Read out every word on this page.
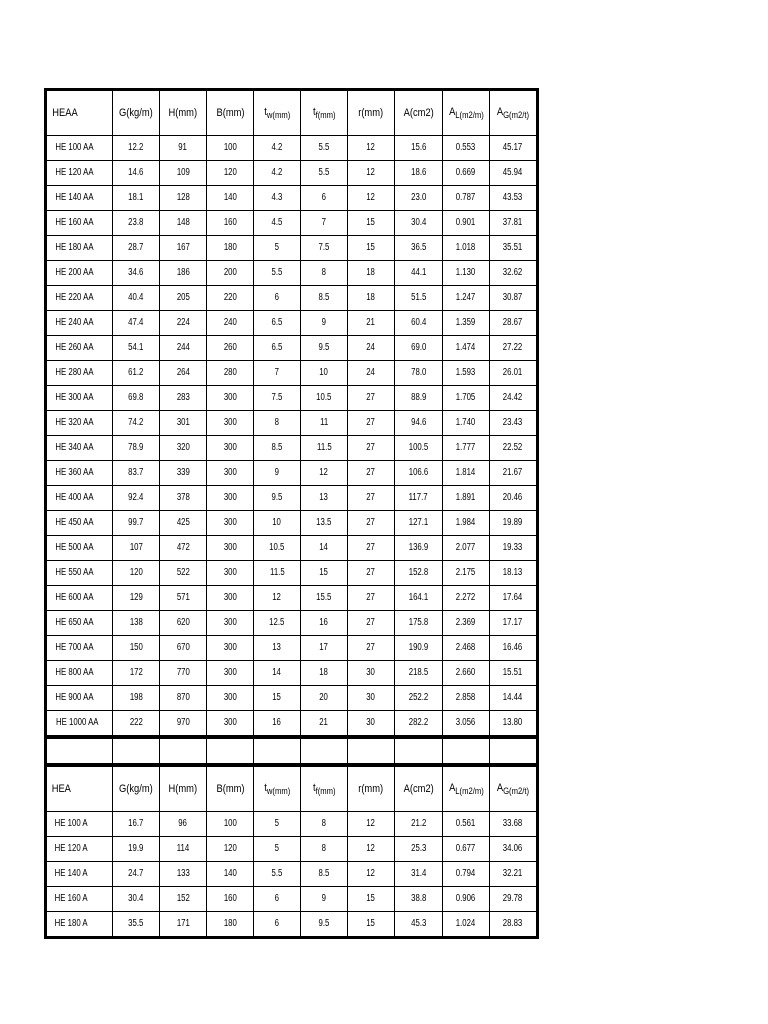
HEAA	G(kg/m)	H(mm)	B(mm)	$t_{w(mm)}$	$t_{f(mm)}$	r(mm)	A(cm2)	$A_{L(m2/m)}$	$A_{G(m2/t)}$
HE 100 AA	12.2	91	100	4.2	5.5	12	15.6	0.553	45.17
HE 120 AA	14.6	109	120	4.2	5.5	12	18.6	0.669	45.94
HE 140 AA	18.1	128	140	4.3	6	12	23.0	0.787	43.53
HE 160 AA	23.8	148	160	4.5	7	15	30.4	0.901	37.81
HE 180 AA	28.7	167	180	5	7.5	15	36.5	1.018	35.51
HE 200 AA	34.6	186	200	5.5	8	18	44.1	1.130	32.62
HE 220 AA	40.4	205	220	6	8.5	18	51.5	1.247	30.87
HE 240 AA	47.4	224	240	6.5	9	21	60.4	1.359	28.67
HE 260 AA	54.1	244	260	6.5	9.5	24	69.0	1.474	27.22
HE 280 AA	61.2	264	280	7	10	24	78.0	1.593	26.01
HE 300 AA	69.8	283	300	7.5	10.5	27	88.9	1.705	24.42
HE 320 AA	74.2	301	300	8	11	27	94.6	1.740	23.43
HE 340 AA	78.9	320	300	8.5	11.5	27	100.5	1.777	22.52
HE 360 AA	83.7	339	300	9	12	27	106.6	1.814	21.67
HE 400 AA	92.4	378	300	9.5	13	27	117.7	1.891	20.46
HE 450 AA	99.7	425	300	10	13.5	27	127.1	1.984	19.89
HE 500 AA	107	472	300	10.5	14	27	136.9	2.077	19.33
HE 550 AA	120	522	300	11.5	15	27	152.8	2.175	18.13
HE 600 AA	129	571	300	12	15.5	27	164.1	2.272	17.64
HE 650 AA	138	620	300	12.5	16	27	175.8	2.369	17.17
HE 700 AA	150	670	300	13	17	27	190.9	2.468	16.46
HE 800 AA	172	770	300	14	18	30	218.5	2.660	15.51
HE 900 AA	198	870	300	15	20	30	252.2	2.858	14.44
HE 1000 AA	222	970	300	16	21	30	282.2	3.056	13.80

HEA	G(kg/m)	H(mm)	B(mm)	$t_{w(mm)}$	$t_{f(mm)}$	r(mm)	A(cm2)	$A_{L(m2/m)}$	$A_{G(m2/t)}$
HE 100 A	16.7	96	100	5	8	12	21.2	0.561	33.68
HE 120 A	19.9	114	120	5	8	12	25.3	0.677	34.06
HE 140 A	24.7	133	140	5.5	8.5	12	31.4	0.794	32.21
HE 160 A	30.4	152	160	6	9	15	38.8	0.906	29.78
HE 180 A	35.5	171	180	6	9.5	15	45.3	1.024	28.83
